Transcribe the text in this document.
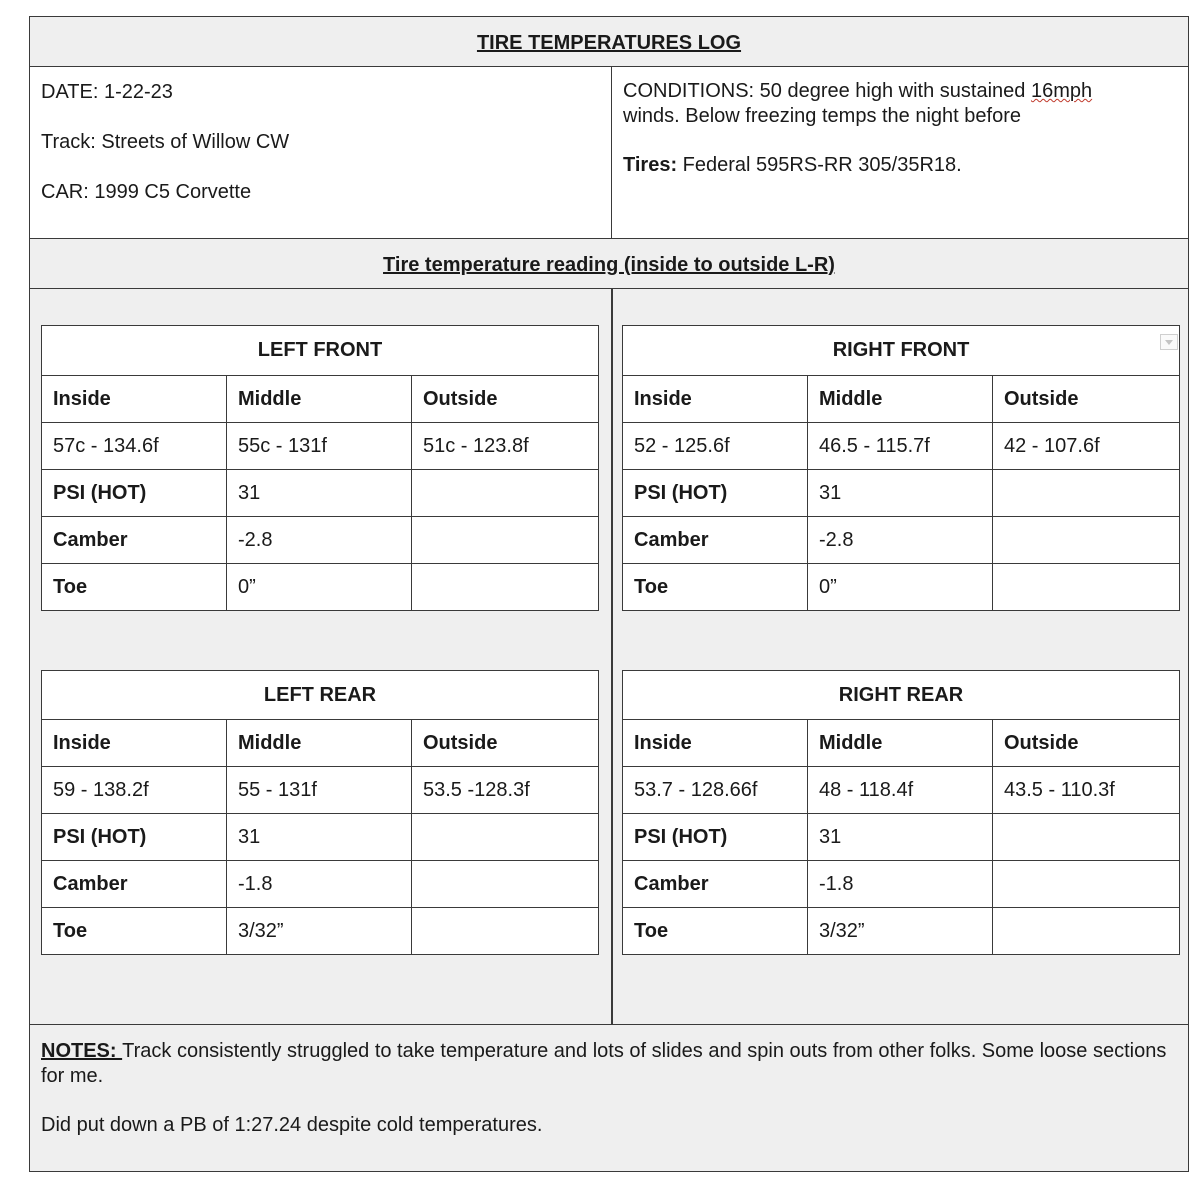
TIRE TEMPERATURES LOG

DATE: 1-22-23

Track: Streets of Willow CW

CAR: 1999 C5 Corvette

CONDITIONS: 50 degree high with sustained 16mph winds. Below freezing temps the night before

Tires: Federal 595RS-RR 305/35R18.

Tire temperature reading (inside to outside L-R)
LEFT FRONT		
Inside	Middle	Outside
57c - 134.6f	55c - 131f	51c - 123.8f
PSI (HOT)	31	
Camber	-2.8	
Toe	0”	
RIGHT FRONT		

Inside	Middle	Outside
52 - 125.6f	46.5 - 115.7f	42 - 107.6f
PSI (HOT)	31	
Camber	-2.8	
Toe	0”	
LEFT REAR		
Inside	Middle	Outside
59 - 138.2f	55 - 131f	53.5 -128.3f
PSI (HOT)	31	
Camber	-1.8	
Toe	3/32”	
RIGHT REAR		
Inside	Middle	Outside
53.7 - 128.66f	48 - 118.4f	43.5 - 110.3f
PSI (HOT)	31	
Camber	-1.8	
Toe	3/32”	

NOTES: Track consistently struggled to take temperature and lots of slides and spin outs from other folks. Some loose sections for me.

Did put down a PB of 1:27.24 despite cold temperatures.
